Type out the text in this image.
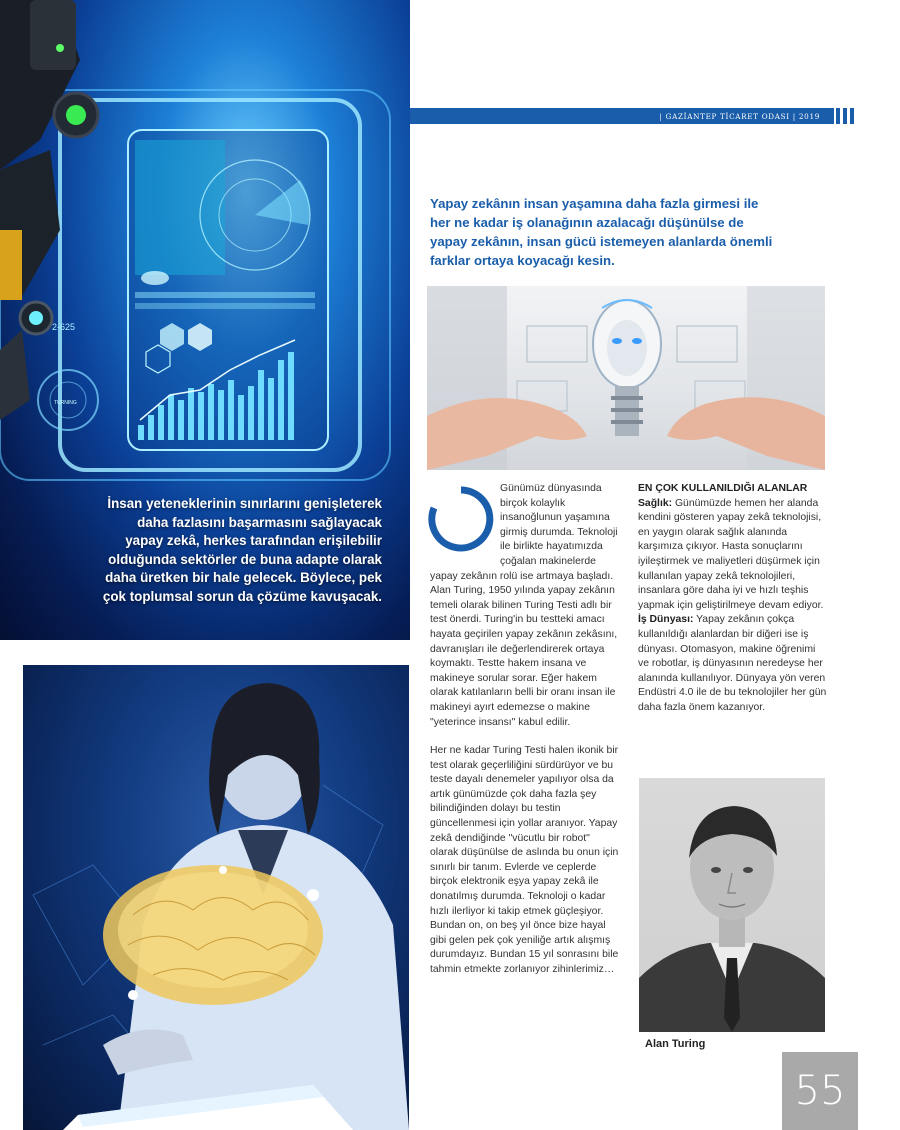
2-625
TURNING
İnsan yeteneklerinin sınırlarını genişleterek daha fazlasını başarmasını sağlayacak yapay zekâ, herkes tarafından erişilebilir olduğunda sektörler de buna adapte olarak daha üretken bir hale gelecek. Böylece, pek çok toplumsal sorun da çözüme kavuşacak.
| GAZİANTEP TİCARET ODASI | 2019
Yapay zekânın insan yaşamına daha fazla girmesi ile her ne kadar iş olanağının azalacağı düşünülse de yapay zekânın, insan gücü istemeyen alanlarda önemli farklar ortaya koyacağı kesin.

Günümüz dünyasında birçok kolaylık insanoğlunun yaşamına girmiş durumda. Teknoloji ile birlikte hayatımızda çoğalan makinelerde yapay zekânın rolü ise artmaya başladı. Alan Turing, 1950 yılında yapay zekânın temeli olarak bilinen Turing Testi adlı bir test önerdi. Turing'in bu testteki amacı hayata geçirilen yapay zekânın zekâsını, davranışları ile değerlendirerek ortaya koymaktı. Testte hakem insana ve makineye sorular sorar. Eğer hakem olarak katılanların belli bir oranı insan ile makineyi ayırt edemezse o makine "yeterince insansı" kabul edilir.

Her ne kadar Turing Testi halen ikonik bir test olarak geçerliliğini sürdürüyor ve bu teste dayalı denemeler yapılıyor olsa da artık günümüzde çok daha fazla şey bilindiğinden dolayı bu testin güncellenmesi için yollar aranıyor. Yapay zekâ dendiğinde "vücutlu bir robot" olarak düşünülse de aslında bu onun için sınırlı bir tanım. Evlerde ve ceplerde birçok elektronik eşya yapay zekâ ile donatılmış durumda. Teknoloji o kadar hızlı ilerliyor ki takip etmek güçleşiyor. Bundan on, on beş yıl önce bize hayal gibi gelen pek çok yeniliğe artık alışmış durumdayız. Bundan 15 yıl sonrasını bile tahmin etmekte zorlanıyor zihinlerimiz…

EN ÇOK KULLANILDIĞI ALANLAR

Sağlık: Günümüzde hemen her alanda kendini gösteren yapay zekâ teknolojisi, en yaygın olarak sağlık alanında karşımıza çıkıyor. Hasta sonuçlarını iyileştirmek ve maliyetleri düşürmek için kullanılan yapay zekâ teknolojileri, insanlara göre daha iyi ve hızlı teşhis yapmak için geliştirilmeye devam ediyor.

İş Dünyası: Yapay zekânın çokça kullanıldığı alanlardan bir diğeri ise iş dünyası. Otomasyon, makine öğrenimi ve robotlar, iş dünyasının neredeyse her alanında kullanılıyor. Dünyaya yön veren Endüstri 4.0 ile de bu teknolojiler her gün daha fazla önem kazanıyor.

Alan Turing
55
